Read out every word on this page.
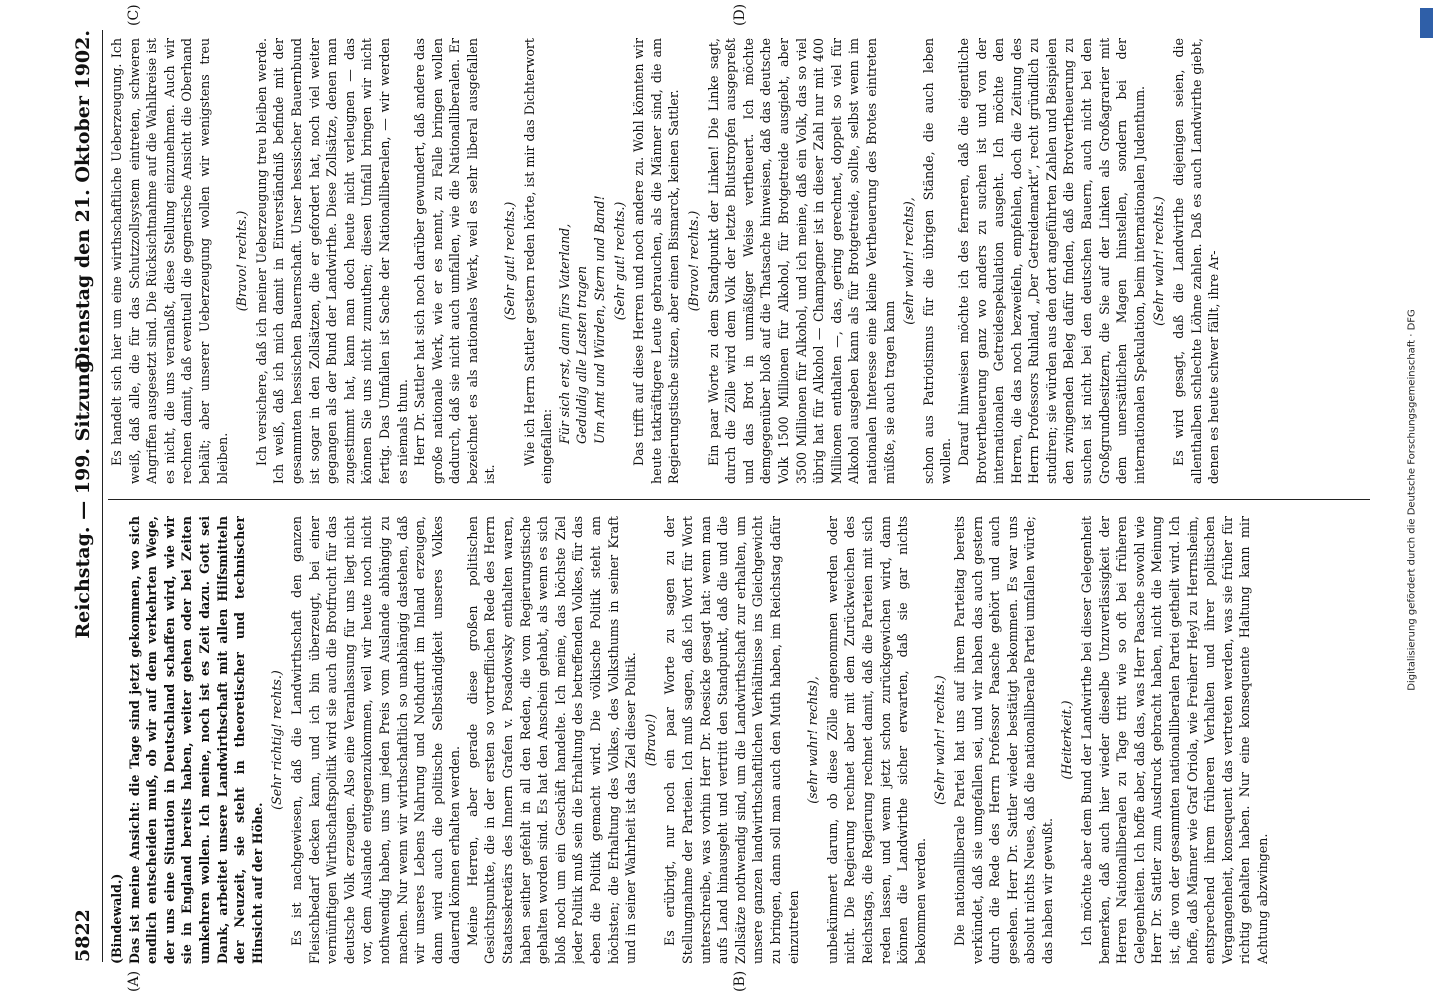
5822
Reichstag. — 199. Sitzung.
Dienstag den 21. Oktober 1902.
(A)	(B)
(C)	(D)

(Bindewald.) Das ist meine Ansicht: die Tage sind jetzt gekommen, wo sich endlich entscheiden muß, ob wir auf dem verkehrten Wege, der uns eine Situation in Deutschland schaffen wird, wie wir sie in England bereits haben, weiter gehen oder bei Zeiten umkehren wollen. Ich meine, noch ist es Zeit dazu. Gott sei Dank, arbeitet unsere Landwirthschaft mit allen Hilfsmitteln der Neuzeit, sie steht in theoretischer und technischer Hinsicht auf der Höhe.

(Sehr richtig! rechts.) Es ist nachgewiesen, daß die Landwirthschaft den ganzen Fleischbedarf decken kann, und ich bin überzeugt, bei einer vernünftigen Wirthschaftspolitik wird sie auch die Brotfrucht für das deutsche Volk erzeugen. Also eine Veranlassung für uns liegt nicht vor, dem Auslande entgegenzukommen, weil wir heute noch nicht nothwendig haben, uns um jeden Preis vom Auslande abhängig zu machen. Nur wenn wir wirthschaftlich so unabhängig dastehen, daß wir unseres Lebens Nahrung und Nothdurft im Inland erzeugen, dann wird auch die politische Selbständigkeit unseres Volkes dauernd können erhalten werden. Meine Herren, aber gerade diese großen politischen Gesichtspunkte, die in der ersten so vortrefflichen Rede des Herrn Staatssekretärs des Innern Grafen v. Posadowsky enthalten waren, haben seither gefehlt in all den Reden, die vom Regierungstische gehalten worden sind. Es hat den Anschein gehabt, als wenn es sich bloß noch um ein Geschäft handelte. Ich meine, das höchste Ziel jeder Politik muß sein die Erhaltung des betreffenden Volkes, für das eben die Politik gemacht wird. Die völkische Politik steht am höchsten; die Erhaltung des Volkes, des Volksthums in seiner Kraft und in seiner Wahrheit ist das Ziel dieser Politik. (Bravo!) Es erübrigt, nur noch ein paar Worte zu sagen zu der Stellungnahme der Parteien. Ich muß sagen, daß ich Wort für Wort unterschreibe, was vorhin Herr Dr. Roesicke gesagt hat: wenn man aufs Land hinausgeht und vertritt den Standpunkt, daß die und die Zollsätze nothwendig sind, um die Landwirthschaft zur erhalten, um unsere ganzen landwirthschaftlichen Verhältnisse ins Gleichgewicht zu bringen, dann soll man auch den Muth haben, im Reichstag dafür einzutreten

(sehr wahr! rechts), unbekümmert darum, ob diese Zölle angenommen werden oder nicht. Die Regierung rechnet aber mit dem Zurückweichen des Reichstags, die Regierung rechnet damit, daß die Parteien mit sich reden lassen, und wenn jetzt schon zurückgewichen wird, dann können die Landwirthe sicher erwarten, daß sie gar nichts bekommen werden.

(Sehr wahr! rechts.) Die nationalliberale Partei hat uns auf ihrem Parteitag bereits verkündet, daß sie umgefallen sei, und wir haben das auch gestern durch die Rede des Herrn Professor Paasche gehört und auch gesehen. Herr Dr. Sattler wieder bestätigt bekommen. Es war uns absolut nichts Neues, daß die nationalliberale Partei umfallen würde; das haben wir gewußt.

(Heiterkeit.) Ich möchte aber dem Bund der Landwirthe bei dieser Gelegenheit bemerken, daß auch hier wieder dieselbe Unzuverlässigkeit der Herren Nationalliberalen zu Tage tritt wie so oft bei früheren Gelegenheiten. Ich hoffe aber, daß das, was Herr Paasche sowohl wie Herr Dr. Sattler zum Ausdruck gebracht haben, nicht die Meinung ist, die von der gesammten nationalliberalen Partei getheilt wird. Ich hoffe, daß Männer wie Graf Oriola, wie Freiherr Heyl zu Herrnsheim, entsprechend ihrem früheren Verhalten und ihrer politischen Vergangenheit, konsequent das vertreten werden, was sie früher für richtig gehalten haben. Nur eine konsequente Haltung kann mir Achtung abzwingen.

Es handelt sich hier um eine wirthschaftliche Ueberzeugung. Ich weiß, daß alle, die für das Schutzzollsystem eintreten, schweren Angriffen ausgesetzt sind. Die Rücksichtnahme auf die Wahlkreise ist es nicht, die uns veranlaßt, diese Stellung einzunehmen. Auch wir rechnen damit, daß eventuell die gegnerische Ansicht die Oberhand behält; aber unserer Ueberzeugung wollen wir wenigstens treu bleiben.

(Bravo! rechts.) Ich versichere, daß ich meiner Ueberzeugung treu bleiben werde. Ich weiß, daß ich mich damit in Einverständniß befinde mit der gesammten hessischen Bauernschaft. Unser hessischer Bauernbund ist sogar in den Zollsätzen, die er gefordert hat, noch viel weiter gegangen als der Bund der Landwirthe. Diese Zollsätze, denen man zugestimmt hat, kann man doch heute nicht verleugnen — das können Sie uns nicht zumuthen; diesen Umfall bringen wir nicht fertig. Das Umfallen ist Sache der Nationalliberalen, — wir werden es niemals thun. Herr Dr. Sattler hat sich noch darüber gewundert, daß andere das große nationale Werk, wie er es nennt, zu Falle bringen wollen dadurch, daß sie nicht auch umfallen, wie die Nationalliberalen. Er bezeichnet es als nationales Werk, weil es sehr liberal ausgefallen ist.

(Sehr gut! rechts.) Wie ich Herrn Sattler gestern reden hörte, ist mir das Dichterwort eingefallen:

Für sich erst, dann fürs Vaterland, Geduldig alle Lasten tragen Um Amt und Würden, Stern und Band! (Sehr gut! rechts.) Das trifft auf diese Herren und noch andere zu. Wohl könnten wir heute tatkräftigere Leute gebrauchen, als die Männer sind, die am Regierungstische sitzen, aber einen Bismarck, keinen Sattler. (Bravo! rechts.) Ein paar Worte zu dem Standpunkt der Linken! Die Linke sagt, durch die Zölle wird dem Volk der letzte Blutstropfen ausgepreßt und das Brot in unmäßiger Weise vertheuert. Ich möchte demgegenüber bloß auf die Thatsache hinweisen, daß das deutsche Volk 1500 Millionen für Alkohol, für Brotgetreide ausgiebt, aber 3500 Millionen für Alkohol, und ich meine, daß ein Volk, das so viel übrig hat für Alkohol — Champagner ist in dieser Zahl nur mit 400 Millionen enthalten —, das, gering gerechnet, doppelt so viel für Alkohol ausgeben kann als für Brotgetreide, sollte, selbst wenn im nationalen Interesse eine kleine Vertheuerung des Brotes eintreten müßte, sie auch tragen kann

(sehr wahr! rechts), schon aus Patriotismus für die übrigen Stände, die auch leben wollen. Darauf hinweisen möchte ich des ferneren, daß die eigentliche Brotvertheuerung ganz wo anders zu suchen ist und von der internationalen Getreidespekulation ausgeht. Ich möchte den Herren, die das noch bezweifeln, empfehlen, doch die Zeitung des Herrn Professors Ruhland, „Der Getreidemarkt“, recht gründlich zu studiren; sie würden aus den dort angeführten Zahlen und Beispielen den zwingenden Beleg dafür finden, daß die Brotvertheuerung zu suchen ist nicht bei den deutschen Bauern, auch nicht bei den Großgrundbesitzern, die Sie auf der Linken als Großagrarier mit dem unersättlichen Magen hinstellen, sondern bei der internationalen Spekulation, beim internationalen Judenthum. (Sehr wahr! rechts.) Es wird gesagt, daß die Landwirthe diejenigen seien, die allenthalben schlechte Löhne zahlen. Daß es auch Landwirthe giebt, denen es heute schwer fällt, ihre Ar-	Digitalisierung gefördert durch die Deutsche Forschungsgemeinschaft · DFG
